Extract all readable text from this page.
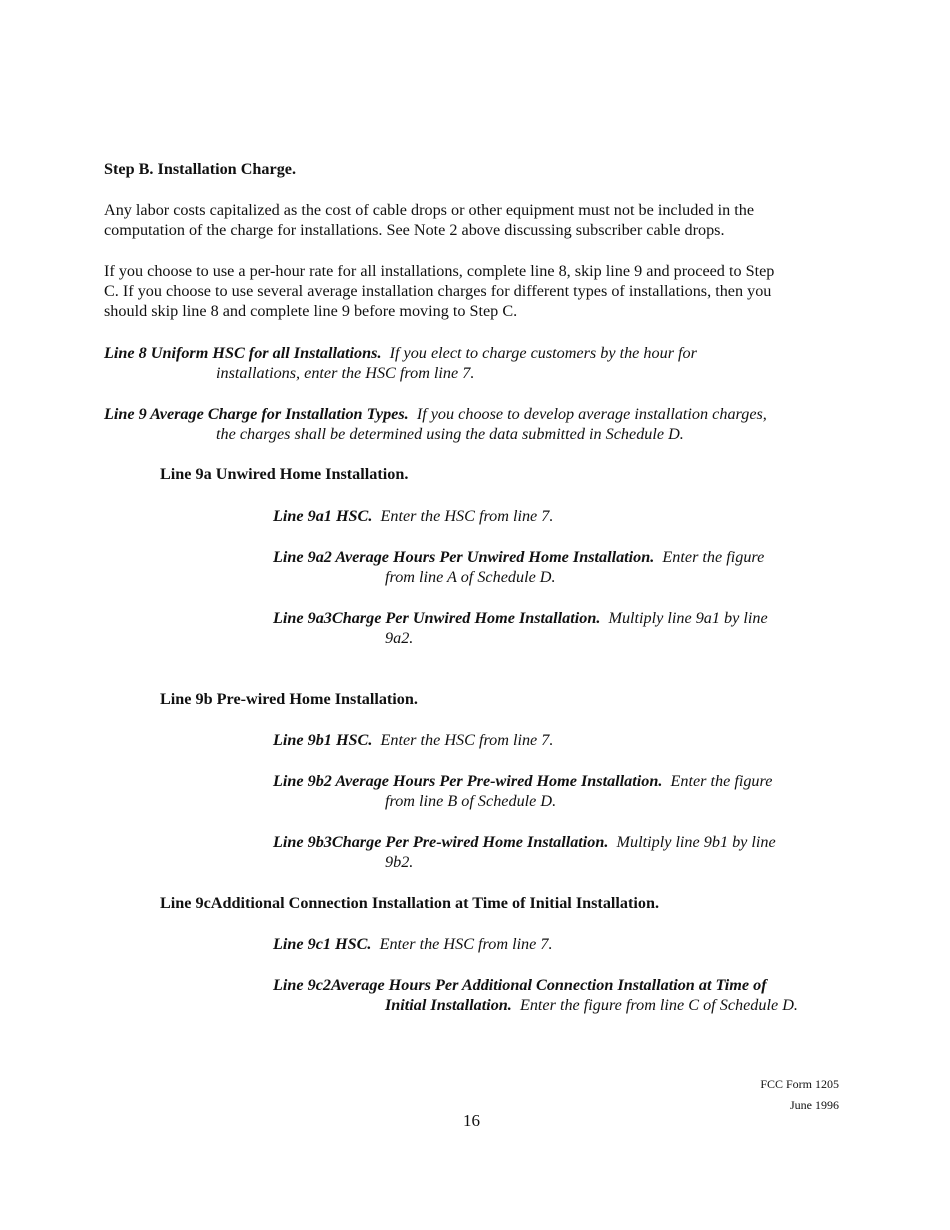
Step B. Installation Charge.
Any labor costs capitalized as the cost of cable drops or other equipment must not be included in the
computation of the charge for installations. See Note 2 above discussing subscriber cable drops.
If you choose to use a per-hour rate for all installations, complete line 8, skip line 9 and proceed to Step
C. If you choose to use several average installation charges for different types of installations, then you
should skip line 8 and complete line 9 before moving to Step C.
Line 8 Uniform HSC for all Installations. If you elect to charge customers by the hour for
installations, enter the HSC from line 7.
Line 9 Average Charge for Installation Types. If you choose to develop average installation charges,
the charges shall be determined using the data submitted in Schedule D.
Line 9a Unwired Home Installation.
Line 9a1 HSC. Enter the HSC from line 7.
Line 9a2 Average Hours Per Unwired Home Installation. Enter the figure
from line A of Schedule D.
Line 9a3Charge Per Unwired Home Installation. Multiply line 9a1 by line
9a2.
Line 9b Pre-wired Home Installation.
Line 9b1 HSC. Enter the HSC from line 7.
Line 9b2 Average Hours Per Pre-wired Home Installation. Enter the figure
from line B of Schedule D.
Line 9b3Charge Per Pre-wired Home Installation. Multiply line 9b1 by line
9b2.
Line 9cAdditional Connection Installation at Time of Initial Installation.
Line 9c1 HSC. Enter the HSC from line 7.
Line 9c2Average Hours Per Additional Connection Installation at Time of
Initial Installation. Enter the figure from line C of Schedule D.
FCC Form 1205
June 1996
16
